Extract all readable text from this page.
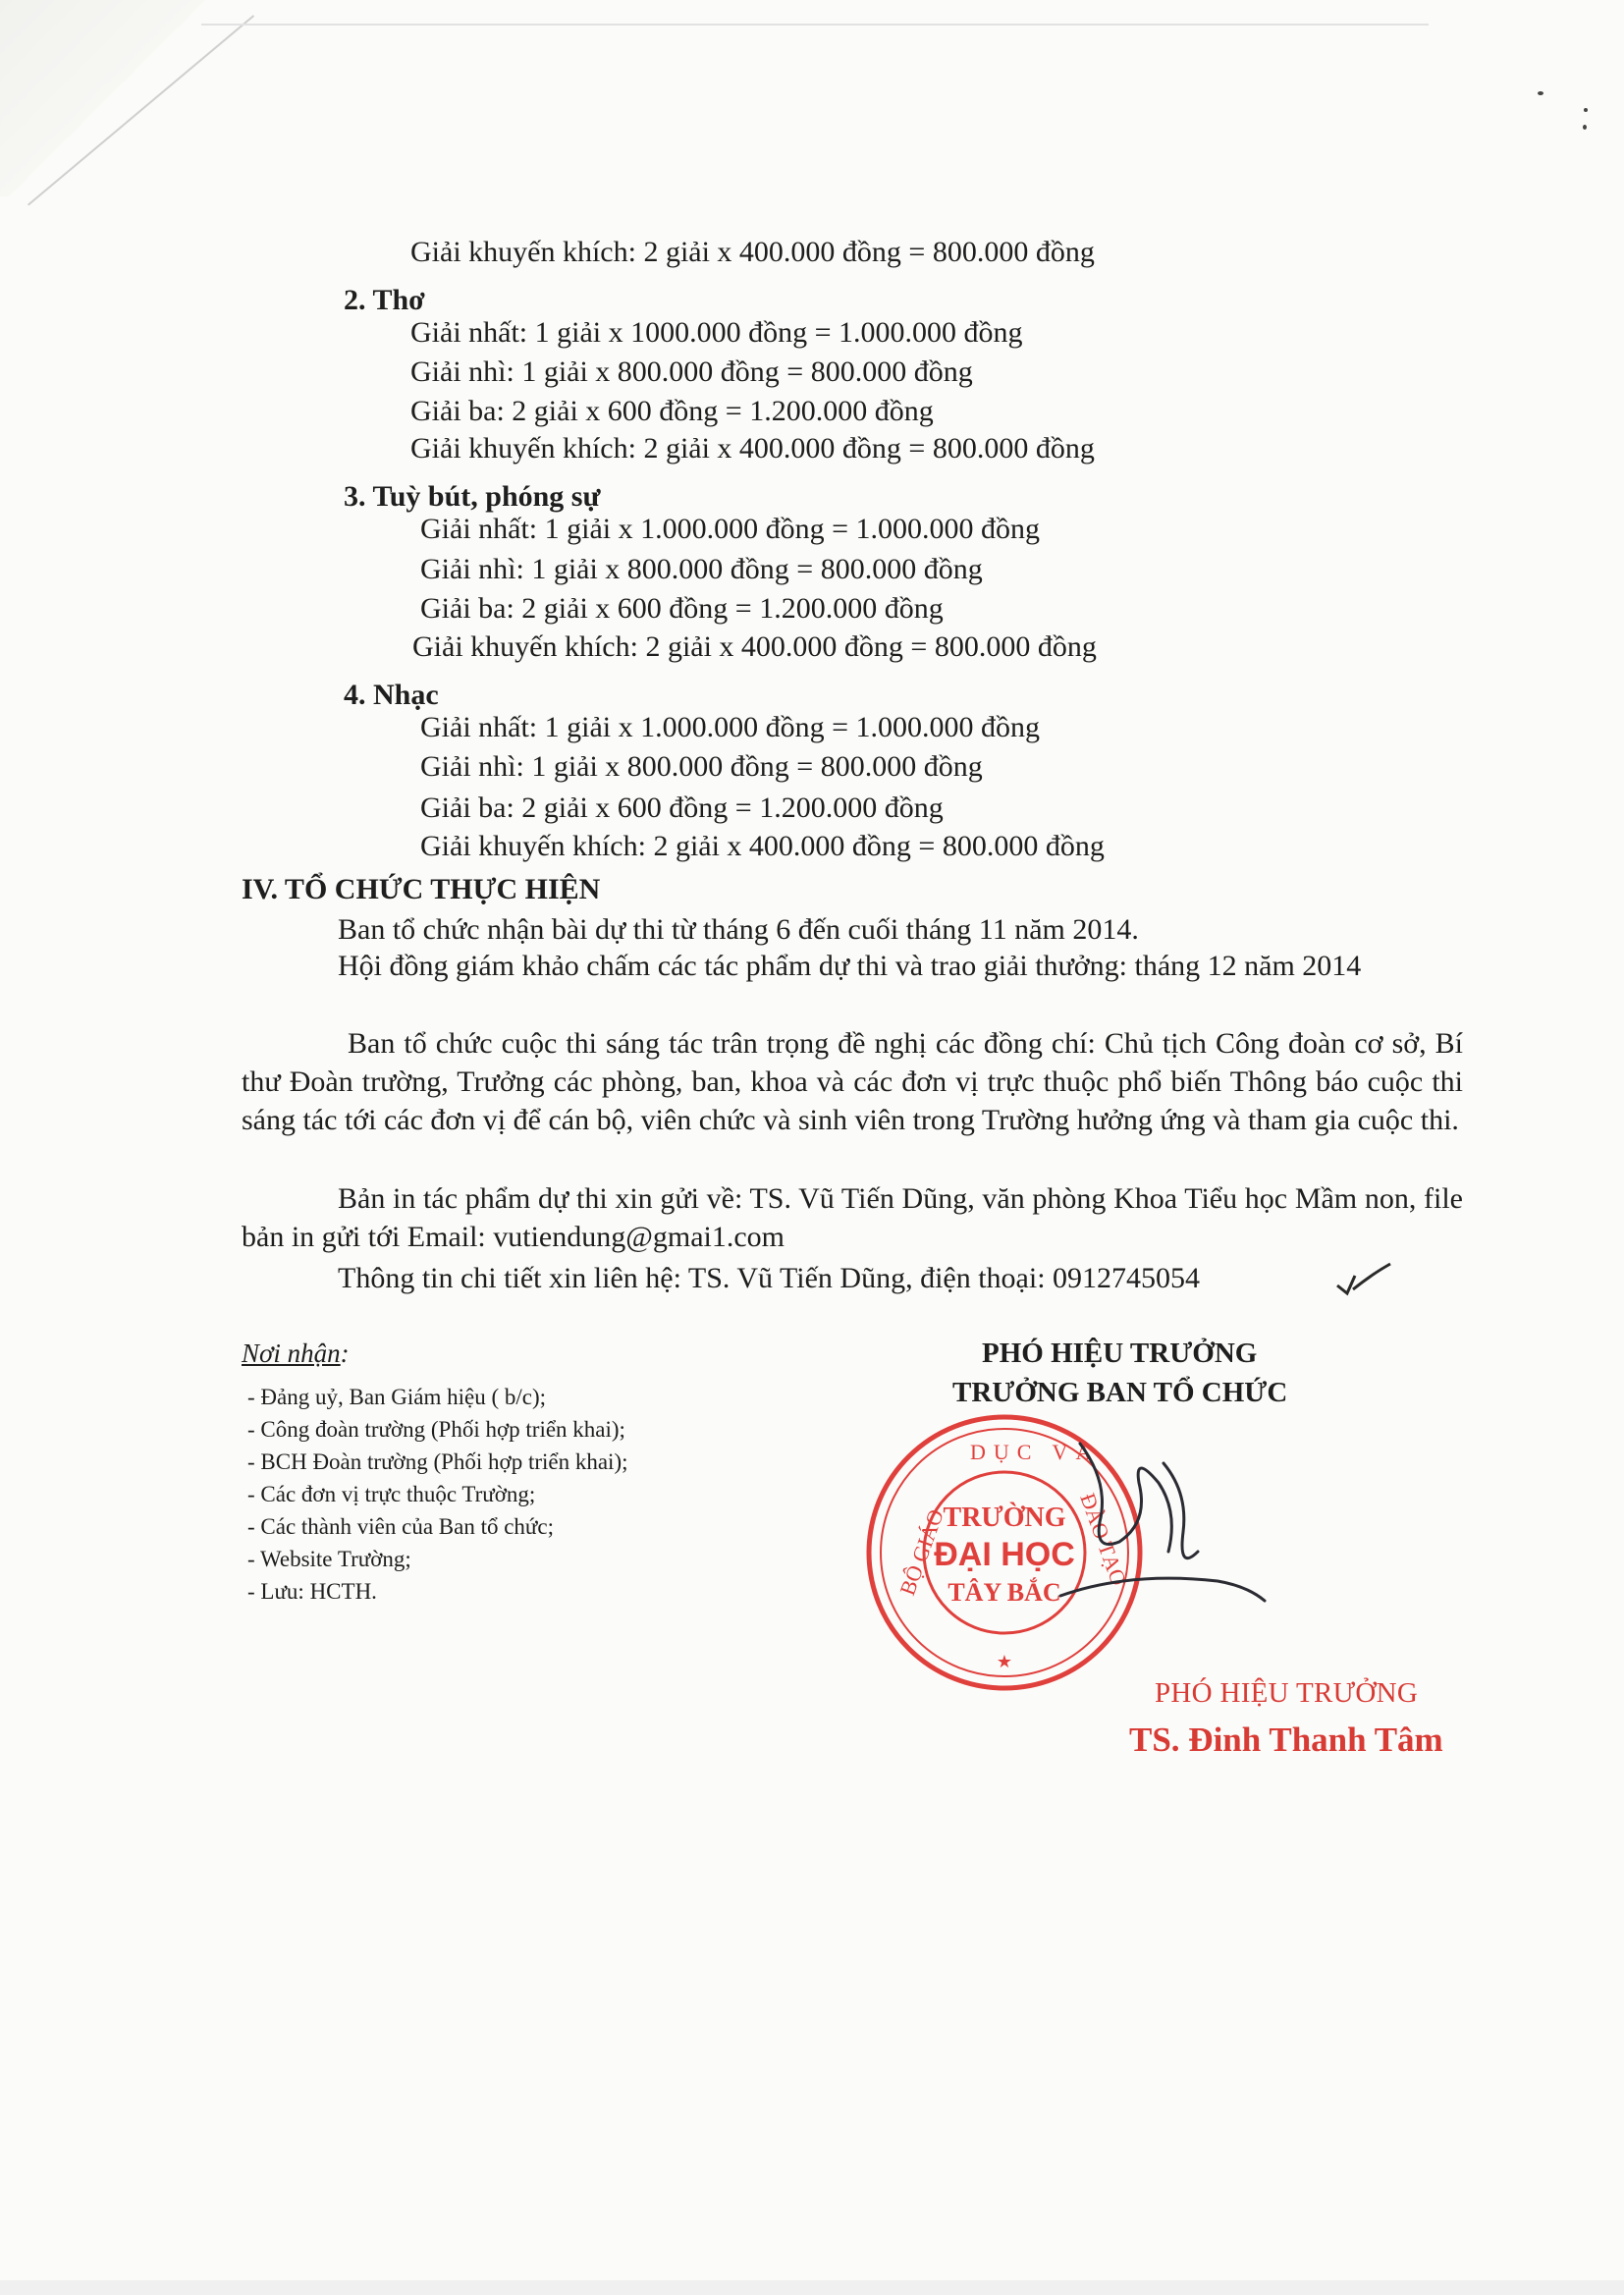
Giải khuyến khích: 2 giải x 400.000 đồng = 800.000 đồng
2. Thơ
Giải nhất: 1 giải x 1000.000 đồng = 1.000.000 đồng
Giải nhì: 1 giải x 800.000 đồng = 800.000 đồng
Giải ba: 2 giải x 600 đồng = 1.200.000 đồng
Giải khuyến khích: 2 giải x 400.000 đồng = 800.000 đồng
3. Tuỳ bút, phóng sự
Giải nhất: 1 giải x 1.000.000 đồng = 1.000.000 đồng
Giải nhì: 1 giải x 800.000 đồng = 800.000 đồng
Giải ba: 2 giải x 600 đồng = 1.200.000 đồng
Giải khuyến khích: 2 giải x 400.000 đồng = 800.000 đồng
4. Nhạc
Giải nhất: 1 giải x 1.000.000 đồng = 1.000.000 đồng
Giải nhì: 1 giải x 800.000 đồng = 800.000 đồng
Giải ba: 2 giải x 600 đồng = 1.200.000 đồng
Giải khuyến khích: 2 giải x 400.000 đồng = 800.000 đồng
IV. TỔ CHỨC THỰC HIỆN
Ban tổ chức nhận bài dự thi từ tháng 6 đến cuối tháng 11 năm 2014.
Hội đồng giám khảo chấm các tác phẩm dự thi và trao giải thưởng: tháng 12 năm 2014
Ban tổ chức cuộc thi sáng tác trân trọng đề nghị các đồng chí: Chủ tịch Công đoàn cơ sở, Bí thư Đoàn trường, Trưởng các phòng, ban, khoa và các đơn vị trực thuộc phổ biến Thông báo cuộc thi sáng tác tới các đơn vị để cán bộ, viên chức và sinh viên trong Trường hưởng ứng và tham gia cuộc thi.
Bản in tác phẩm dự thi xin gửi về: TS. Vũ Tiến Dũng, văn phòng Khoa Tiểu học Mầm non, file bản in gửi tới Email: vutiendung@gmai1.com
Thông tin chi tiết xin liên hệ: TS. Vũ Tiến Dũng, điện thoại: 0912745054
Nơi nhận:
- Đảng uỷ, Ban Giám hiệu ( b/c);
- Công đoàn trường (Phối hợp triển khai);
- BCH Đoàn trường (Phối hợp triển khai);
- Các đơn vị trực thuộc Trường;
- Các thành viên của Ban tổ chức;
- Website Trường;
- Lưu: HCTH.
PHÓ HIỆU TRƯỞNG
TRƯỞNG BAN TỔ CHỨC
BỘ GIÁO
DỤC VÀ
ĐÀO TẠO
TRƯỜNG
ĐẠI HỌC
TÂY BẮC
★
PHÓ HIỆU TRƯỞNG
TS. Đinh Thanh Tâm
